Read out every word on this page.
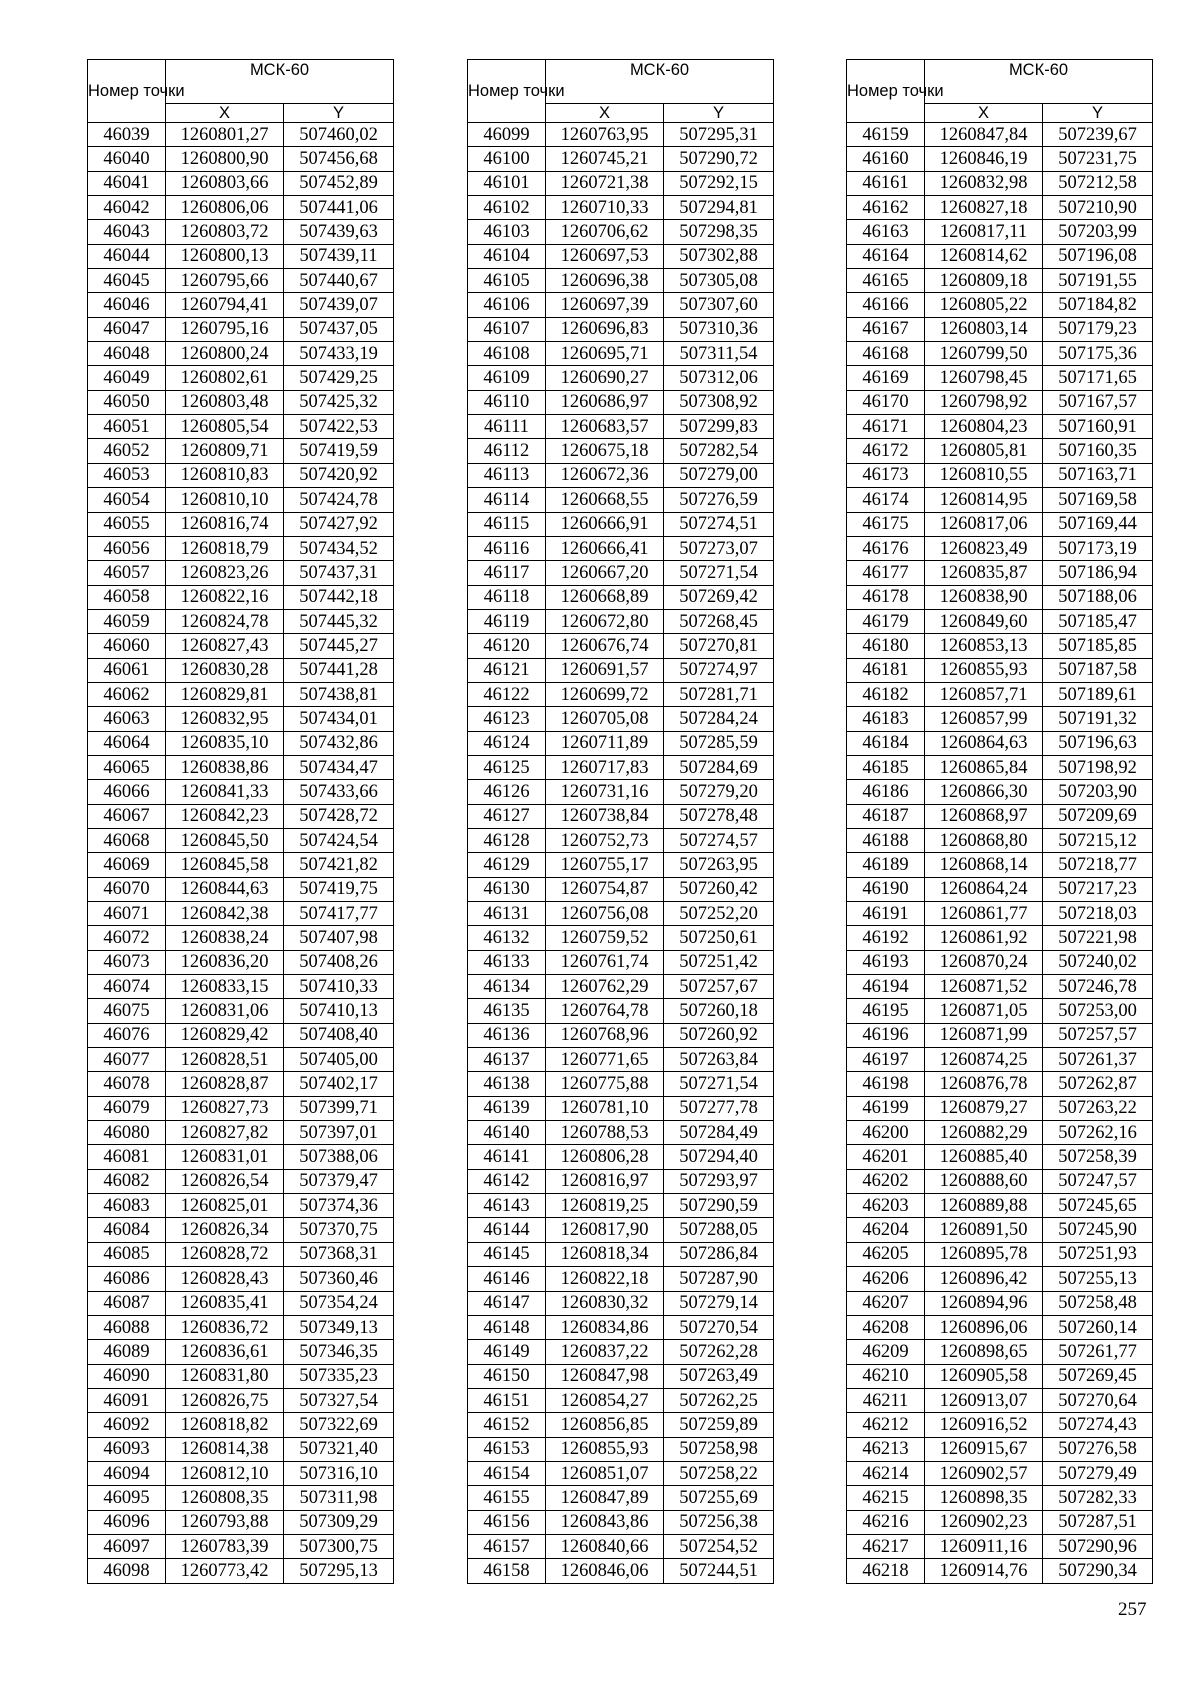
Номер точки	МСК-60	
	X	Y
46039	1260801,27	507460,02
46040	1260800,90	507456,68
46041	1260803,66	507452,89
46042	1260806,06	507441,06
46043	1260803,72	507439,63
46044	1260800,13	507439,11
46045	1260795,66	507440,67
46046	1260794,41	507439,07
46047	1260795,16	507437,05
46048	1260800,24	507433,19
46049	1260802,61	507429,25
46050	1260803,48	507425,32
46051	1260805,54	507422,53
46052	1260809,71	507419,59
46053	1260810,83	507420,92
46054	1260810,10	507424,78
46055	1260816,74	507427,92
46056	1260818,79	507434,52
46057	1260823,26	507437,31
46058	1260822,16	507442,18
46059	1260824,78	507445,32
46060	1260827,43	507445,27
46061	1260830,28	507441,28
46062	1260829,81	507438,81
46063	1260832,95	507434,01
46064	1260835,10	507432,86
46065	1260838,86	507434,47
46066	1260841,33	507433,66
46067	1260842,23	507428,72
46068	1260845,50	507424,54
46069	1260845,58	507421,82
46070	1260844,63	507419,75
46071	1260842,38	507417,77
46072	1260838,24	507407,98
46073	1260836,20	507408,26
46074	1260833,15	507410,33
46075	1260831,06	507410,13
46076	1260829,42	507408,40
46077	1260828,51	507405,00
46078	1260828,87	507402,17
46079	1260827,73	507399,71
46080	1260827,82	507397,01
46081	1260831,01	507388,06
46082	1260826,54	507379,47
46083	1260825,01	507374,36
46084	1260826,34	507370,75
46085	1260828,72	507368,31
46086	1260828,43	507360,46
46087	1260835,41	507354,24
46088	1260836,72	507349,13
46089	1260836,61	507346,35
46090	1260831,80	507335,23
46091	1260826,75	507327,54
46092	1260818,82	507322,69
46093	1260814,38	507321,40
46094	1260812,10	507316,10
46095	1260808,35	507311,98
46096	1260793,88	507309,29
46097	1260783,39	507300,75
46098	1260773,42	507295,13
Номер точки	МСК-60	
	X	Y
46099	1260763,95	507295,31
46100	1260745,21	507290,72
46101	1260721,38	507292,15
46102	1260710,33	507294,81
46103	1260706,62	507298,35
46104	1260697,53	507302,88
46105	1260696,38	507305,08
46106	1260697,39	507307,60
46107	1260696,83	507310,36
46108	1260695,71	507311,54
46109	1260690,27	507312,06
46110	1260686,97	507308,92
46111	1260683,57	507299,83
46112	1260675,18	507282,54
46113	1260672,36	507279,00
46114	1260668,55	507276,59
46115	1260666,91	507274,51
46116	1260666,41	507273,07
46117	1260667,20	507271,54
46118	1260668,89	507269,42
46119	1260672,80	507268,45
46120	1260676,74	507270,81
46121	1260691,57	507274,97
46122	1260699,72	507281,71
46123	1260705,08	507284,24
46124	1260711,89	507285,59
46125	1260717,83	507284,69
46126	1260731,16	507279,20
46127	1260738,84	507278,48
46128	1260752,73	507274,57
46129	1260755,17	507263,95
46130	1260754,87	507260,42
46131	1260756,08	507252,20
46132	1260759,52	507250,61
46133	1260761,74	507251,42
46134	1260762,29	507257,67
46135	1260764,78	507260,18
46136	1260768,96	507260,92
46137	1260771,65	507263,84
46138	1260775,88	507271,54
46139	1260781,10	507277,78
46140	1260788,53	507284,49
46141	1260806,28	507294,40
46142	1260816,97	507293,97
46143	1260819,25	507290,59
46144	1260817,90	507288,05
46145	1260818,34	507286,84
46146	1260822,18	507287,90
46147	1260830,32	507279,14
46148	1260834,86	507270,54
46149	1260837,22	507262,28
46150	1260847,98	507263,49
46151	1260854,27	507262,25
46152	1260856,85	507259,89
46153	1260855,93	507258,98
46154	1260851,07	507258,22
46155	1260847,89	507255,69
46156	1260843,86	507256,38
46157	1260840,66	507254,52
46158	1260846,06	507244,51
Номер точки	МСК-60	
	X	Y
46159	1260847,84	507239,67
46160	1260846,19	507231,75
46161	1260832,98	507212,58
46162	1260827,18	507210,90
46163	1260817,11	507203,99
46164	1260814,62	507196,08
46165	1260809,18	507191,55
46166	1260805,22	507184,82
46167	1260803,14	507179,23
46168	1260799,50	507175,36
46169	1260798,45	507171,65
46170	1260798,92	507167,57
46171	1260804,23	507160,91
46172	1260805,81	507160,35
46173	1260810,55	507163,71
46174	1260814,95	507169,58
46175	1260817,06	507169,44
46176	1260823,49	507173,19
46177	1260835,87	507186,94
46178	1260838,90	507188,06
46179	1260849,60	507185,47
46180	1260853,13	507185,85
46181	1260855,93	507187,58
46182	1260857,71	507189,61
46183	1260857,99	507191,32
46184	1260864,63	507196,63
46185	1260865,84	507198,92
46186	1260866,30	507203,90
46187	1260868,97	507209,69
46188	1260868,80	507215,12
46189	1260868,14	507218,77
46190	1260864,24	507217,23
46191	1260861,77	507218,03
46192	1260861,92	507221,98
46193	1260870,24	507240,02
46194	1260871,52	507246,78
46195	1260871,05	507253,00
46196	1260871,99	507257,57
46197	1260874,25	507261,37
46198	1260876,78	507262,87
46199	1260879,27	507263,22
46200	1260882,29	507262,16
46201	1260885,40	507258,39
46202	1260888,60	507247,57
46203	1260889,88	507245,65
46204	1260891,50	507245,90
46205	1260895,78	507251,93
46206	1260896,42	507255,13
46207	1260894,96	507258,48
46208	1260896,06	507260,14
46209	1260898,65	507261,77
46210	1260905,58	507269,45
46211	1260913,07	507270,64
46212	1260916,52	507274,43
46213	1260915,67	507276,58
46214	1260902,57	507279,49
46215	1260898,35	507282,33
46216	1260902,23	507287,51
46217	1260911,16	507290,96
46218	1260914,76	507290,34
257
